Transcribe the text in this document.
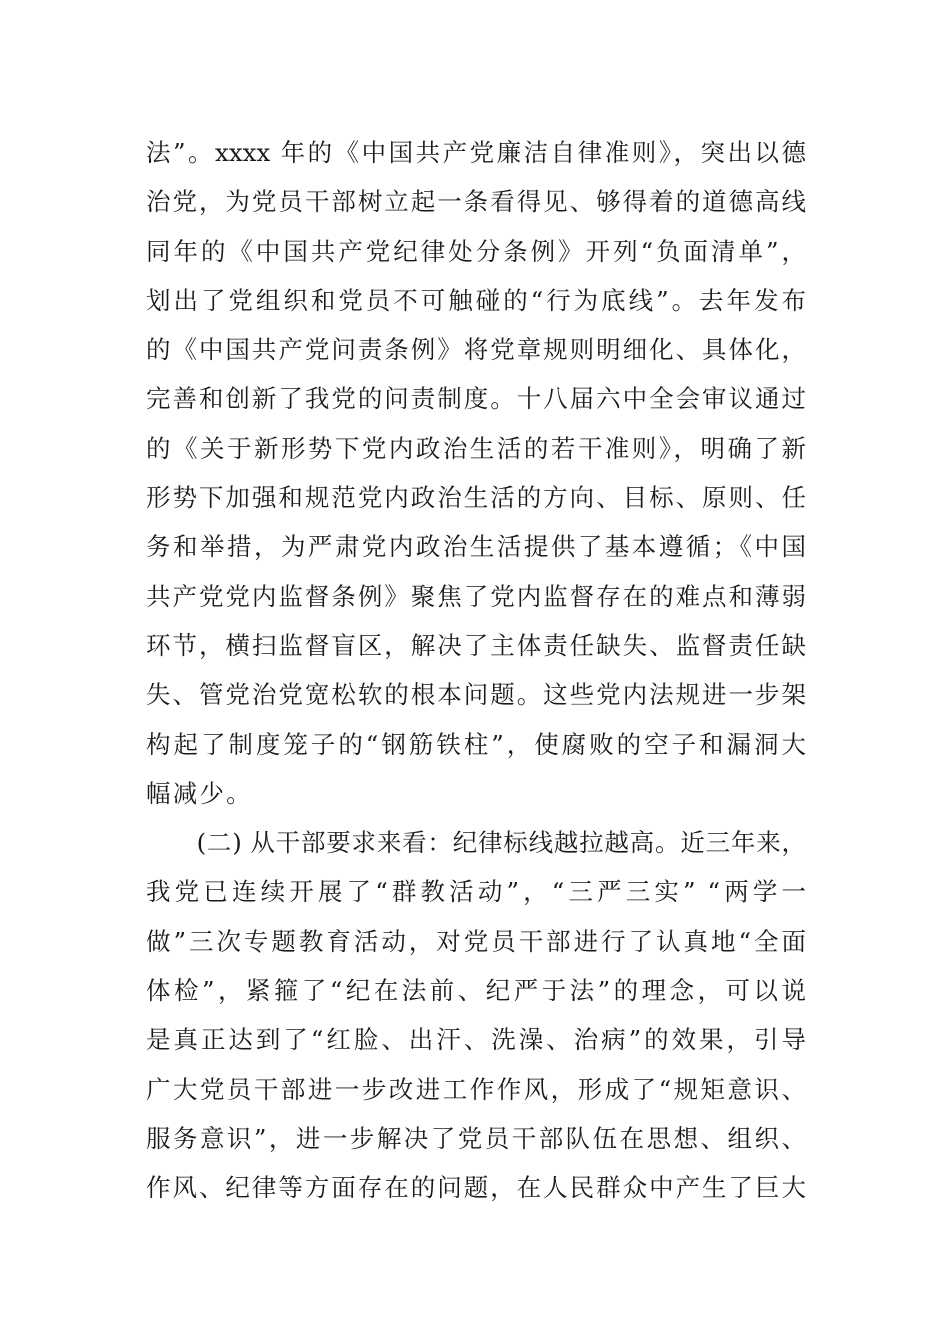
法”。xxxx 年的《中国共产党廉洁自律准则》，突出以德
治党，为党员干部树立起一条看得见、够得着的道德高线
同年的《中国共产党纪律处分条例》开列“负面清单”，
划出了党组织和党员不可触碰的“行为底线”。去年发布
的《中国共产党问责条例》将党章规则明细化、具体化，
完善和创新了我党的问责制度。十八届六中全会审议通过
的《关于新形势下党内政治生活的若干准则》，明确了新
形势下加强和规范党内政治生活的方向、目标、原则、任
务和举措，为严肃党内政治生活提供了基本遵循；《中国
共产党党内监督条例》聚焦了党内监督存在的难点和薄弱
环节，横扫监督盲区，解决了主体责任缺失、监督责任缺
失、管党治党宽松软的根本问题。这些党内法规进一步架
构起了制度笼子的“钢筋铁柱”，使腐败的空子和漏洞大
幅减少。
　　(二) 从干部要求来看：纪律标线越拉越高。近三年来，
我党已连续开展了“群教活动”，“三严三实” “两学一
做”三次专题教育活动，对党员干部进行了认真地“全面
体检”，紧箍了“纪在法前、纪严于法”的理念，可以说
是真正达到了“红脸、出汗、洗澡、治病”的效果，引导
广大党员干部进一步改进工作作风，形成了“规矩意识、
服务意识”，进一步解决了党员干部队伍在思想、组织、
作风、纪律等方面存在的问题，在人民群众中产生了巨大
